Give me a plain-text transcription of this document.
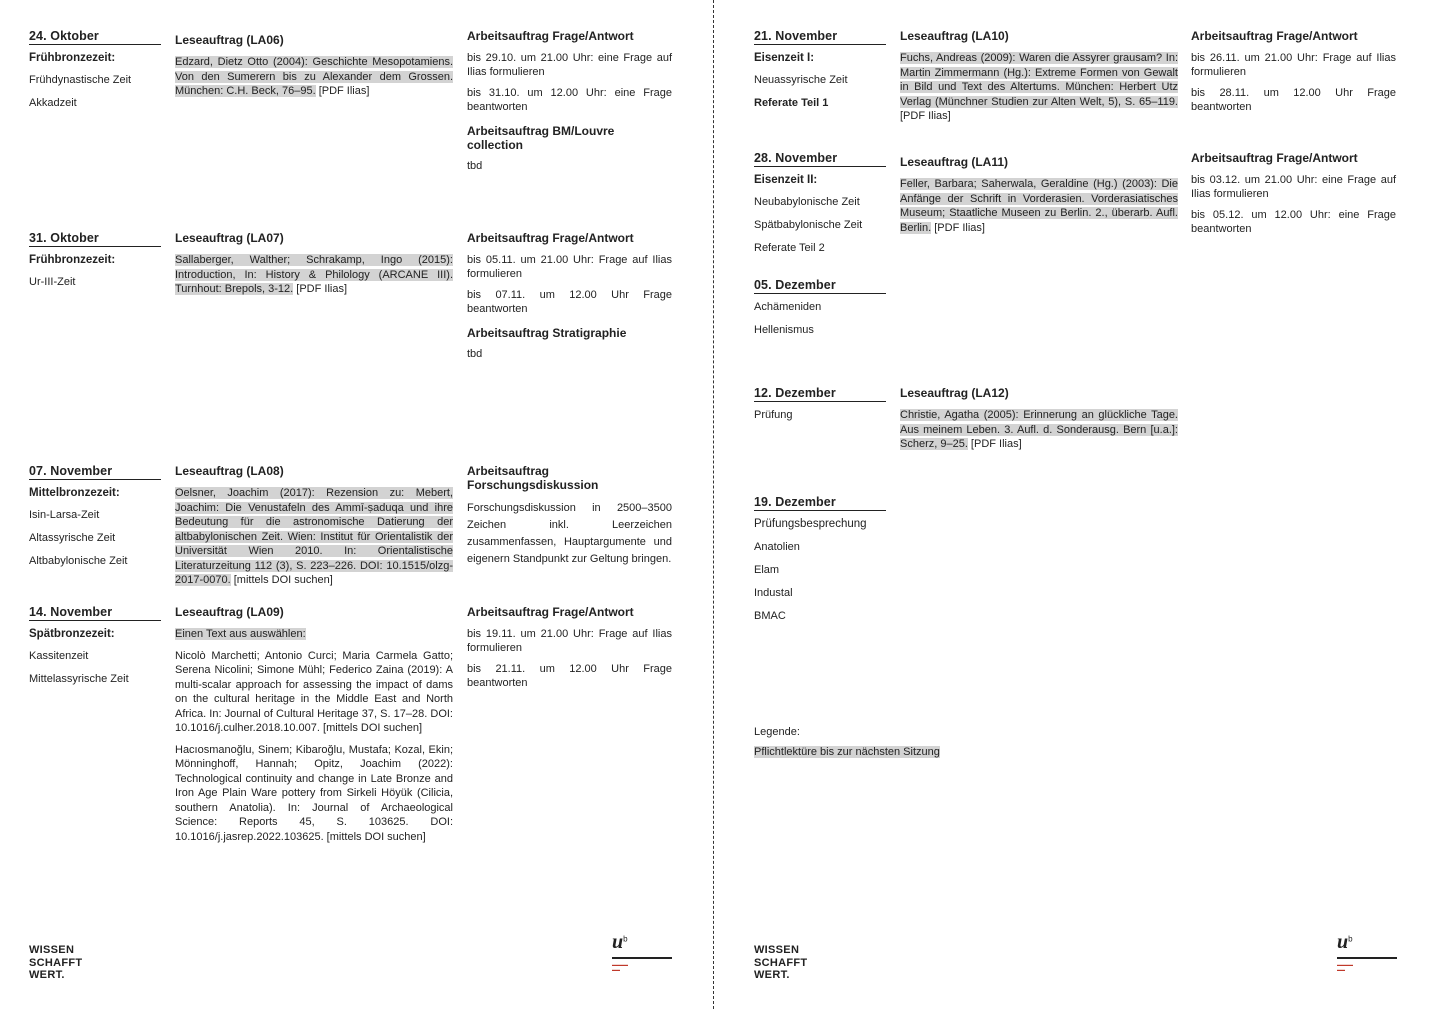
24. Oktober
Frühbronzezeit:
Frühdynastische Zeit
Akkadzeit
Leseauftrag (LA06)
Edzard, Dietz Otto (2004): Geschichte Mesopotamiens. Von den Sumerern bis zu Alexander dem Grossen. München: C.H. Beck, 76–95. [PDF Ilias]
Arbeitsauftrag Frage/Antwort
bis 29.10. um 21.00 Uhr: eine Frage auf Ilias formulieren
bis 31.10. um 12.00 Uhr: eine Frage beantworten
Arbeitsauftrag BM/Louvre collection
tbd
31. Oktober
Frühbronzezeit:
Ur-III-Zeit
Leseauftrag (LA07)
Sallaberger, Walther; Schrakamp, Ingo (2015): Introduction, In: History & Philology (ARCANE III). Turnhout: Brepols, 3-12. [PDF Ilias]
Arbeitsauftrag Frage/Antwort
bis 05.11. um 21.00 Uhr: Frage auf Ilias formulieren
bis 07.11. um 12.00 Uhr Frage beantworten
Arbeitsauftrag Stratigraphie
tbd
07. November
Mittelbronzezeit:
Isin-Larsa-Zeit
Altassyrische Zeit
Altbabylonische Zeit
Leseauftrag (LA08)
Oelsner, Joachim (2017): Rezension zu: Mebert, Joachim: Die Venustafeln des Ammī-ṣaduqa und ihre Bedeutung für die astronomische Datierung der altbabylonischen Zeit. Wien: Institut für Orientalistik der Universität Wien 2010. In: Orientalistische Literaturzeitung 112 (3), S. 223–226. DOI: 10.1515/olzg-2017-0070. [mittels DOI suchen]
Arbeitsauftrag Forschungsdiskussion
Forschungsdiskussion in 2500–3500 Zeichen inkl. Leerzeichen zusammenfassen, Hauptargumente und eigenern Standpunkt zur Geltung bringen.
14. November
Spätbronzezeit:
Kassitenzeit
Mittelassyrische Zeit
Leseauftrag (LA09)
Einen Text aus auswählen:
Nicolò Marchetti; Antonio Curci; Maria Carmela Gatto; Serena Nicolini; Simone Mühl; Federico Zaina (2019): A multi-scalar approach for assessing the impact of dams on the cultural heritage in the Middle East and North Africa. In: Journal of Cultural Heritage 37, S. 17–28. DOI: 10.1016/j.culher.2018.10.007. [mittels DOI suchen]
Hacıosmanoğlu, Sinem; Kibaroğlu, Mustafa; Kozal, Ekin; Mönninghoff, Hannah; Opitz, Joachim (2022): Technological continuity and change in Late Bronze and Iron Age Plain Ware pottery from Sirkeli Höyük (Cilicia, southern Anatolia). In: Journal of Archaeological Science: Reports 45, S. 103625. DOI: 10.1016/j.jasrep.2022.103625. [mittels DOI suchen]
Arbeitsauftrag Frage/Antwort
bis 19.11. um 21.00 Uhr: Frage auf Ilias formulieren
bis 21.11. um 12.00 Uhr Frage beantworten
WISSEN
SCHAFFT
WERT.
$u^b$
▬▬▬▬
▬▬
21. November
Eisenzeit I:
Neuassyrische Zeit
Referate Teil 1
Leseauftrag (LA10)
Fuchs, Andreas (2009): Waren die Assyrer grausam? In: Martin Zimmermann (Hg.): Extreme Formen von Gewalt in Bild und Text des Altertums. München: Herbert Utz Verlag (Münchner Studien zur Alten Welt, 5), S. 65–119. [PDF Ilias]
Arbeitsauftrag Frage/Antwort
bis 26.11. um 21.00 Uhr: Frage auf Ilias formulieren
bis 28.11. um 12.00 Uhr Frage beantworten
28. November
Eisenzeit II:
Neubabylonische Zeit
Spätbabylonische Zeit
Referate Teil 2
Leseauftrag (LA11)
Feller, Barbara; Saherwala, Geraldine (Hg.) (2003): Die Anfänge der Schrift in Vorderasien. Vorderasiatisches Museum; Staatliche Museen zu Berlin. 2., überarb. Aufl. Berlin. [PDF Ilias]
Arbeitsauftrag Frage/Antwort
bis 03.12. um 21.00 Uhr: eine Frage auf Ilias formulieren
bis 05.12. um 12.00 Uhr: eine Frage beantworten
05. Dezember
Achämeniden
Hellenismus
12. Dezember
Prüfung
Leseauftrag (LA12)
Christie, Agatha (2005): Erinnerung an glückliche Tage. Aus meinem Leben. 3. Aufl. d. Sonderausg. Bern [u.a.]: Scherz, 9–25. [PDF Ilias]
19. Dezember
Prüfungsbesprechung
Anatolien
Elam
Industal
BMAC
Legende:
Pflichtlektüre bis zur nächsten Sitzung
WISSEN
SCHAFFT
WERT.
$u^b$
▬▬▬▬
▬▬
